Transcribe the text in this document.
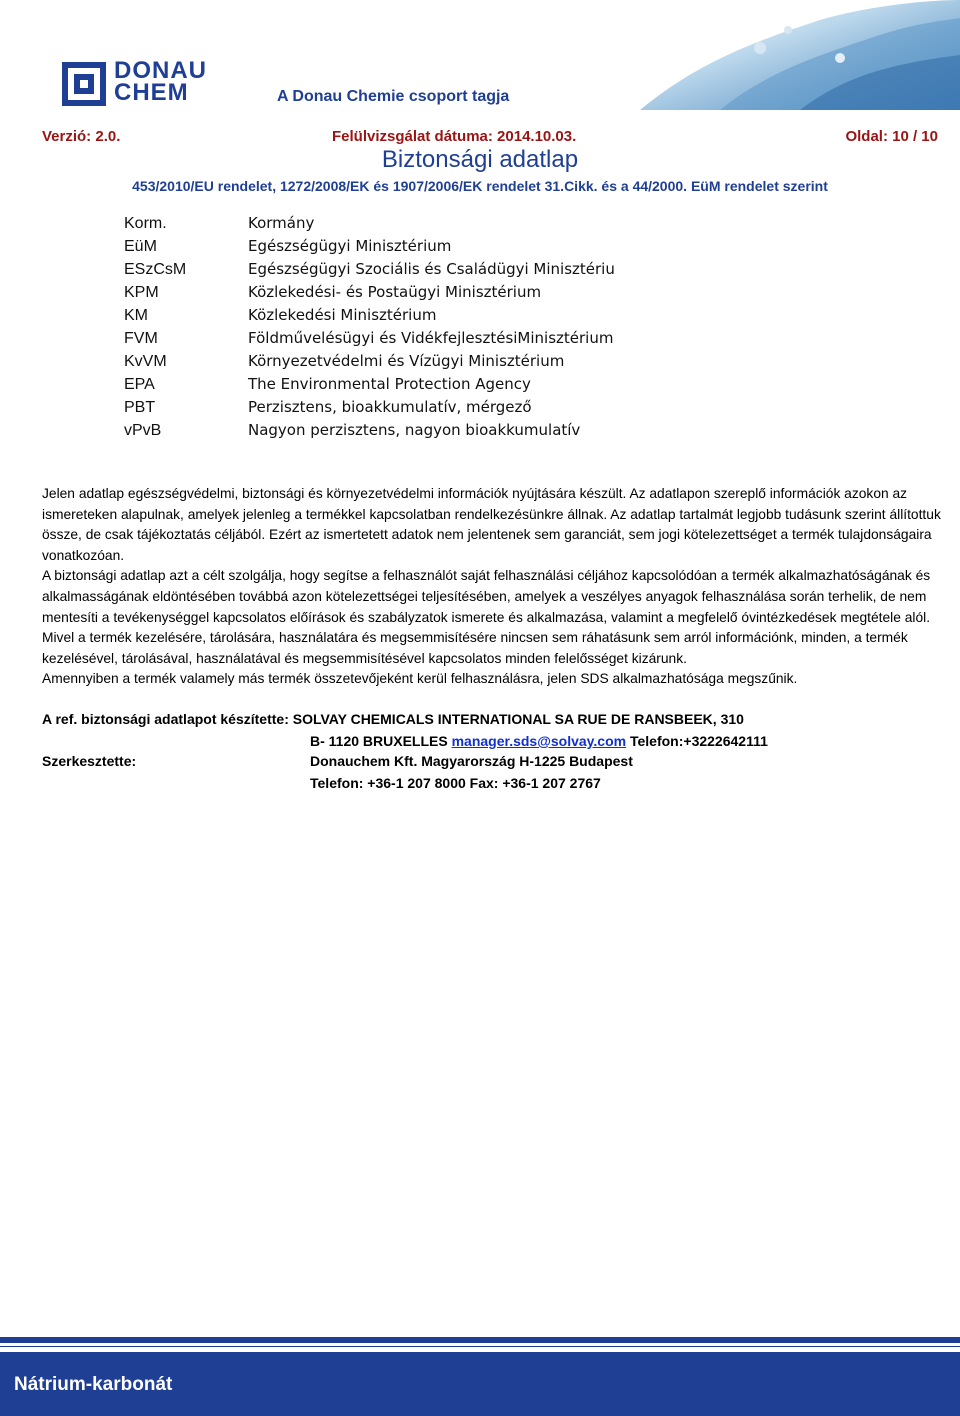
DONAU
CHEM	A Donau Chemie csoport tagja
Verzió: 2.0.	Felülvizsgálat dátuma: 2014.10.03.	Oldal: 10 / 10
Biztonsági adatlap
453/2010/EU rendelet, 1272/2008/EK és 1907/2006/EK rendelet 31.Cikk. és a 44/2000. EüM rendelet szerint
Korm.	Kormány
EüM	Egészségügyi Minisztérium
ESzCsM	Egészségügyi Szociális és Családügyi Minisztériu
KPM	Közlekedési- és Postaügyi Minisztérium
KM	Közlekedési Minisztérium
FVM	Földművelésügyi és VidékfejlesztésiMinisztérium
KvVM	Környezetvédelmi és Vízügyi Minisztérium
EPA	The Environmental Protection Agency
PBT	Perzisztens, bioakkumulatív, mérgező
vPvB	Nagyon perzisztens, nagyon bioakkumulatív

Jelen adatlap egészségvédelmi, biztonsági és környezetvédelmi információk nyújtására készült. Az adatlapon szereplő információk azokon az ismereteken alapulnak, amelyek jelenleg a termékkel kapcsolatban rendelkezésünkre állnak. Az adatlap tartalmát legjobb tudásunk szerint állítottuk össze, de csak tájékoztatás céljából. Ezért az ismertetett adatok nem jelentenek sem garanciát, sem jogi kötelezettséget a termék tulajdonságaira vonatkozóan.

A biztonsági adatlap azt a célt szolgálja, hogy segítse a felhasználót saját felhasználási céljához kapcsolódóan a termék alkalmazhatóságának és alkalmasságának eldöntésében továbbá azon kötelezettségei teljesítésében, amelyek a veszélyes anyagok felhasználása során terhelik, de nem mentesíti a tevékenységgel kapcsolatos előírások és szabályzatok ismerete és alkalmazása, valamint a megfelelő óvintézkedések megtétele alól.

Mivel a termék kezelésére, tárolására, használatára és megsemmisítésére nincsen sem ráhatásunk sem arról információnk, minden, a termék kezelésével, tárolásával, használatával és megsemmisítésével kapcsolatos minden felelősséget kizárunk.

Amennyiben a termék valamely más termék összetevőjeként kerül felhasználásra, jelen SDS alkalmazhatósága megszűnik.

A ref. biztonsági adatlapot készítette: SOLVAY CHEMICALS INTERNATIONAL SA RUE DE RANSBEEK, 310
B- 1120 BRUXELLES manager.sds@solvay.com Telefon:+3222642111
Szerkesztette:	Donauchem Kft. Magyarország H-1225 Budapest
Telefon: +36-1 207 8000 Fax: +36-1 207 2767
Nátrium-karbonát
